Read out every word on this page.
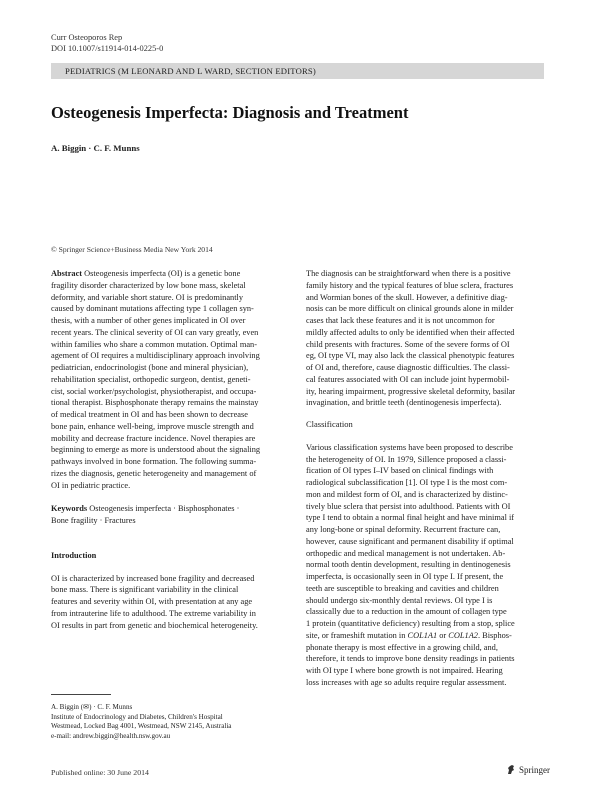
Curr Osteoporos Rep
DOI 10.1007/s11914-014-0225-0
PEDIATRICS (M LEONARD AND L WARD, SECTION EDITORS)
Osteogenesis Imperfecta: Diagnosis and Treatment
A. Biggin · C. F. Munns
© Springer Science+Business Media New York 2014
Abstract Osteogenesis imperfecta (OI) is a genetic bone
fragility disorder characterized by low bone mass, skeletal
deformity, and variable short stature. OI is predominantly
caused by dominant mutations affecting type 1 collagen syn-
thesis, with a number of other genes implicated in OI over
recent years. The clinical severity of OI can vary greatly, even
within families who share a common mutation. Optimal man-
agement of OI requires a multidisciplinary approach involving
pediatrician, endocrinologist (bone and mineral physician),
rehabilitation specialist, orthopedic surgeon, dentist, geneti-
cist, social worker/psychologist, physiotherapist, and occupa-
tional therapist. Bisphosphonate therapy remains the mainstay
of medical treatment in OI and has been shown to decrease
bone pain, enhance well-being, improve muscle strength and
mobility and decrease fracture incidence. Novel therapies are
beginning to emerge as more is understood about the signaling
pathways involved in bone formation. The following summa-
rizes the diagnosis, genetic heterogeneity and management of
OI in pediatric practice.
Keywords Osteogenesis imperfecta · Bisphosphonates ·
Bone fragility · Fractures
Introduction
OI is characterized by increased bone fragility and decreased
bone mass. There is significant variability in the clinical
features and severity within OI, with presentation at any age
from intrauterine life to adulthood. The extreme variability in
OI results in part from genetic and biochemical heterogeneity.
The diagnosis can be straightforward when there is a positive
family history and the typical features of blue sclera, fractures
and Wormian bones of the skull. However, a definitive diag-
nosis can be more difficult on clinical grounds alone in milder
cases that lack these features and it is not uncommon for
mildly affected adults to only be identified when their affected
child presents with fractures. Some of the severe forms of OI
eg, OI type VI, may also lack the classical phenotypic features
of OI and, therefore, cause diagnostic difficulties. The classi-
cal features associated with OI can include joint hypermobil-
ity, hearing impairment, progressive skeletal deformity, basilar
invagination, and brittle teeth (dentinogenesis imperfecta).
Classification
Various classification systems have been proposed to describe
the heterogeneity of OI. In 1979, Sillence proposed a classi-
fication of OI types I–IV based on clinical findings with
radiological subclassification [1]. OI type I is the most com-
mon and mildest form of OI, and is characterized by distinc-
tively blue sclera that persist into adulthood. Patients with OI
type I tend to obtain a normal final height and have minimal if
any long-bone or spinal deformity. Recurrent fracture can,
however, cause significant and permanent disability if optimal
orthopedic and medical management is not undertaken. Ab-
normal tooth dentin development, resulting in dentinogenesis
imperfecta, is occasionally seen in OI type I. If present, the
teeth are susceptible to breaking and cavities and children
should undergo six-monthly dental reviews. OI type I is
classically due to a reduction in the amount of collagen type
1 protein (quantitative deficiency) resulting from a stop, splice
site, or frameshift mutation in COL1A1 or COL1A2. Bisphos-
phonate therapy is most effective in a growing child, and,
therefore, it tends to improve bone density readings in patients
with OI type I where bone growth is not impaired. Hearing
loss increases with age so adults require regular assessment.
A. Biggin (✉) · C. F. Munns
Institute of Endocrinology and Diabetes, Children's Hospital
Westmead, Locked Bag 4001, Westmead, NSW 2145, Australia
e-mail: andrew.biggin@health.nsw.gov.au
Published online: 30 June 2014	Springer
